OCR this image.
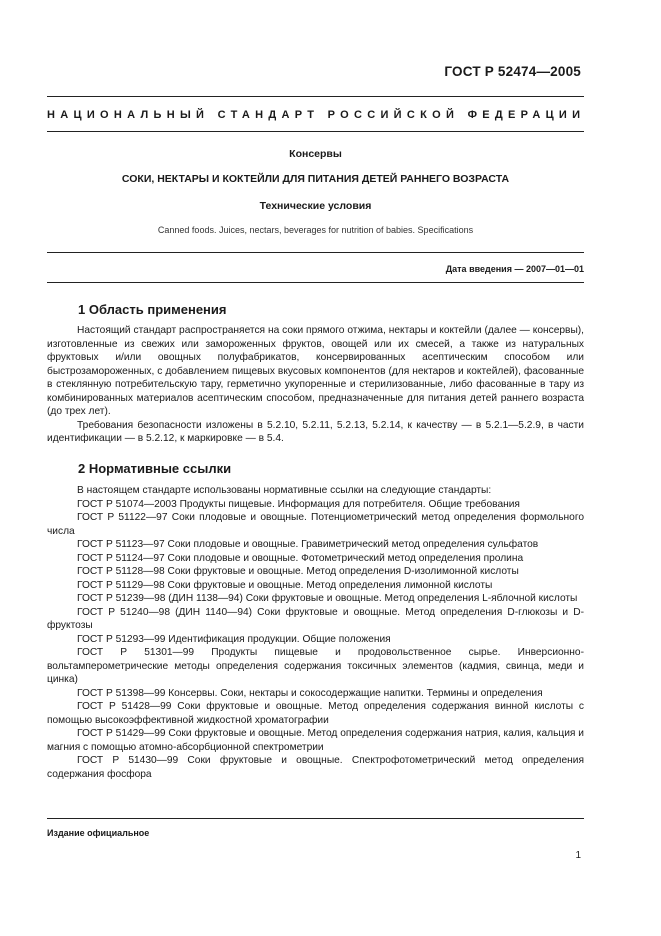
ГОСТ Р 52474—2005
НАЦИОНАЛЬНЫЙ СТАНДАРТ РОССИЙСКОЙ ФЕДЕРАЦИИ
Консервы
СОКИ, НЕКТАРЫ И КОКТЕЙЛИ ДЛЯ ПИТАНИЯ ДЕТЕЙ РАННЕГО ВОЗРАСТА
Технические условия
Canned foods. Juices, nectars, beverages for nutrition of babies. Specifications
Дата введения — 2007—01—01
1 Область применения

Настоящий стандарт распространяется на соки прямого отжима, нектары и коктейли (далее — консервы), изготовленные из свежих или замороженных фруктов, овощей или их смесей, а также из натуральных фруктовых и/или овощных полуфабрикатов, консервированных асептическим способом или быстрозамороженных, с добавлением пищевых вкусовых компонентов (для нектаров и коктейлей), фасованные в стеклянную потребительскую тару, герметично укупоренные и стерилизованные, либо фасованные в тару из комбинированных материалов асептическим способом, предназначенные для питания детей раннего возраста (до трех лет).

Требования безопасности изложены в 5.2.10, 5.2.11, 5.2.13, 5.2.14, к качеству — в 5.2.1—5.2.9, в части идентификации — в 5.2.12, к маркировке — в 5.4.

2 Нормативные ссылки

В настоящем стандарте использованы нормативные ссылки на следующие стандарты:

ГОСТ Р 51074—2003 Продукты пищевые. Информация для потребителя. Общие требования

ГОСТ Р 51122—97 Соки плодовые и овощные. Потенциометрический метод определения формольного числа

ГОСТ Р 51123—97 Соки плодовые и овощные. Гравиметрический метод определения сульфатов

ГОСТ Р 51124—97 Соки плодовые и овощные. Фотометрический метод определения пролина

ГОСТ Р 51128—98 Соки фруктовые и овощные. Метод определения D-изолимонной кислоты

ГОСТ Р 51129—98 Соки фруктовые и овощные. Метод определения лимонной кислоты

ГОСТ Р 51239—98 (ДИН 1138—94) Соки фруктовые и овощные. Метод определения L-яблочной кислоты

ГОСТ Р 51240—98 (ДИН 1140—94) Соки фруктовые и овощные. Метод определения D-глюкозы и D-фруктозы

ГОСТ Р 51293—99 Идентификация продукции. Общие положения

ГОСТ Р 51301—99 Продукты пищевые и продовольственное сырье. Инверсионно-вольтамперометрические методы определения содержания токсичных элементов (кадмия, свинца, меди и цинка)

ГОСТ Р 51398—99 Консервы. Соки, нектары и сокосодержащие напитки. Термины и определения

ГОСТ Р 51428—99 Соки фруктовые и овощные. Метод определения содержания винной кислоты с помощью высокоэффективной жидкостной хроматографии

ГОСТ Р 51429—99 Соки фруктовые и овощные. Метод определения содержания натрия, калия, кальция и магния с помощью атомно-абсорбционной спектрометрии

ГОСТ Р 51430—99 Соки фруктовые и овощные. Спектрофотометрический метод определения содержания фосфора

Издание официальное
1
